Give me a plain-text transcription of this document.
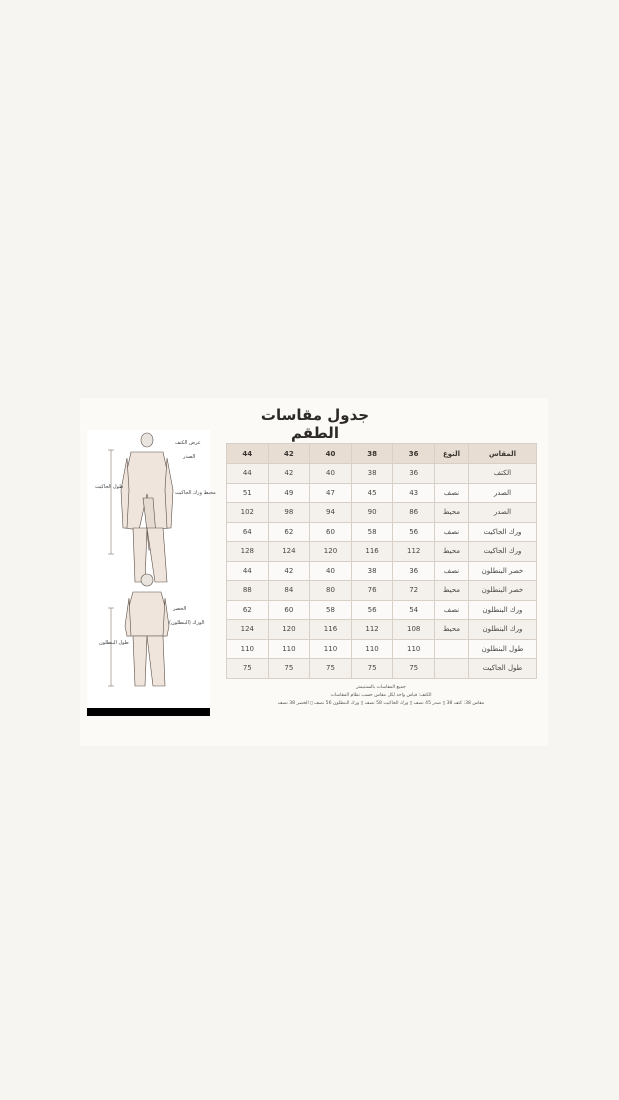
جدول مقاسات الطقم
عرض الكتف
الصدر
طول الجاكيت
محيط ورك الجاكيت
الخصر
الورك (البنطلون)
طول البنطلون
المقاس	النوع	36	38	40	42	44
الكتف		36	38	40	42	44
الصدر	نصف	43	45	47	49	51
الصدر	محيط	86	90	94	98	102
ورك الجاكيت	نصف	56	58	60	62	64
ورك الجاكيت	محيط	112	116	120	124	128
خصر البنطلون	نصف	36	38	40	42	44
خصر البنطلون	محيط	72	76	80	84	88
ورك البنطلون	نصف	54	56	58	60	62
ورك البنطلون	محيط	108	112	116	120	124
طول البنطلون		110	110	110	110	110
طول الجاكيت		75	75	75	75	75
جميع المقاسات بالسنتيمتر
الكتف: قياس واحد لكل مقاس حسب نظام المقاسات
مقاس 38: كتف 38 ▯ صدر 45 نصف ▯ ورك الجاكيت 58 نصف ▯ ورك البنطلون 56 نصف ▯ الخصر 38 نصف
